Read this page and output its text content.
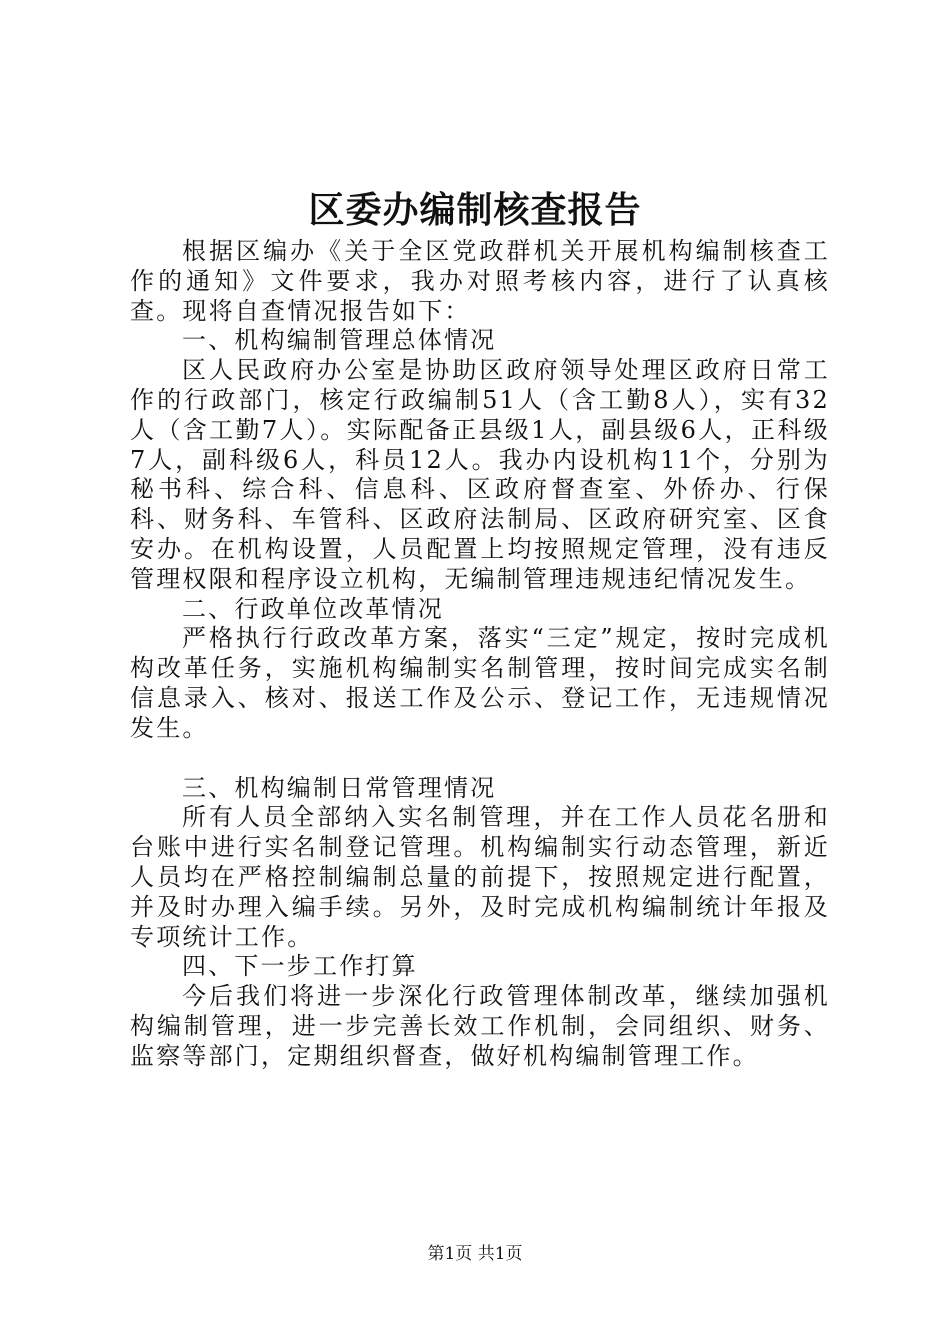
区委办编制核查报告

根据区编办《关于全区党政群机关开展机构编制核查工作的通知》文件要求，我办对照考核内容，进行了认真核查。现将自查情况报告如下：

一、机构编制管理总体情况

区人民政府办公室是协助区政府领导处理区政府日常工作的行政部门，核定行政编制51人（含工勤8人），实有32人（含工勤7人）。实际配备正县级1人，副县级6人，正科级7人，副科级6人，科员12人。我办内设机构11个，分别为秘书科、综合科、信息科、区政府督查室、外侨办、行保科、财务科、车管科、区政府法制局、区政府研究室、区食安办。在机构设置，人员配置上均按照规定管理，没有违反管理权限和程序设立机构，无编制管理违规违纪情况发生。

二、行政单位改革情况

严格执行行政改革方案，落实“三定”规定，按时完成机构改革任务，实施机构编制实名制管理，按时间完成实名制信息录入、核对、报送工作及公示、登记工作，无违规情况发生。

三、机构编制日常管理情况

所有人员全部纳入实名制管理，并在工作人员花名册和台账中进行实名制登记管理。机构编制实行动态管理，新近人员均在严格控制编制总量的前提下，按照规定进行配置，并及时办理入编手续。另外，及时完成机构编制统计年报及专项统计工作。

四、下一步工作打算

今后我们将进一步深化行政管理体制改革，继续加强机构编制管理，进一步完善长效工作机制，会同组织、财务、监察等部门，定期组织督查，做好机构编制管理工作。

第1页 共1页
